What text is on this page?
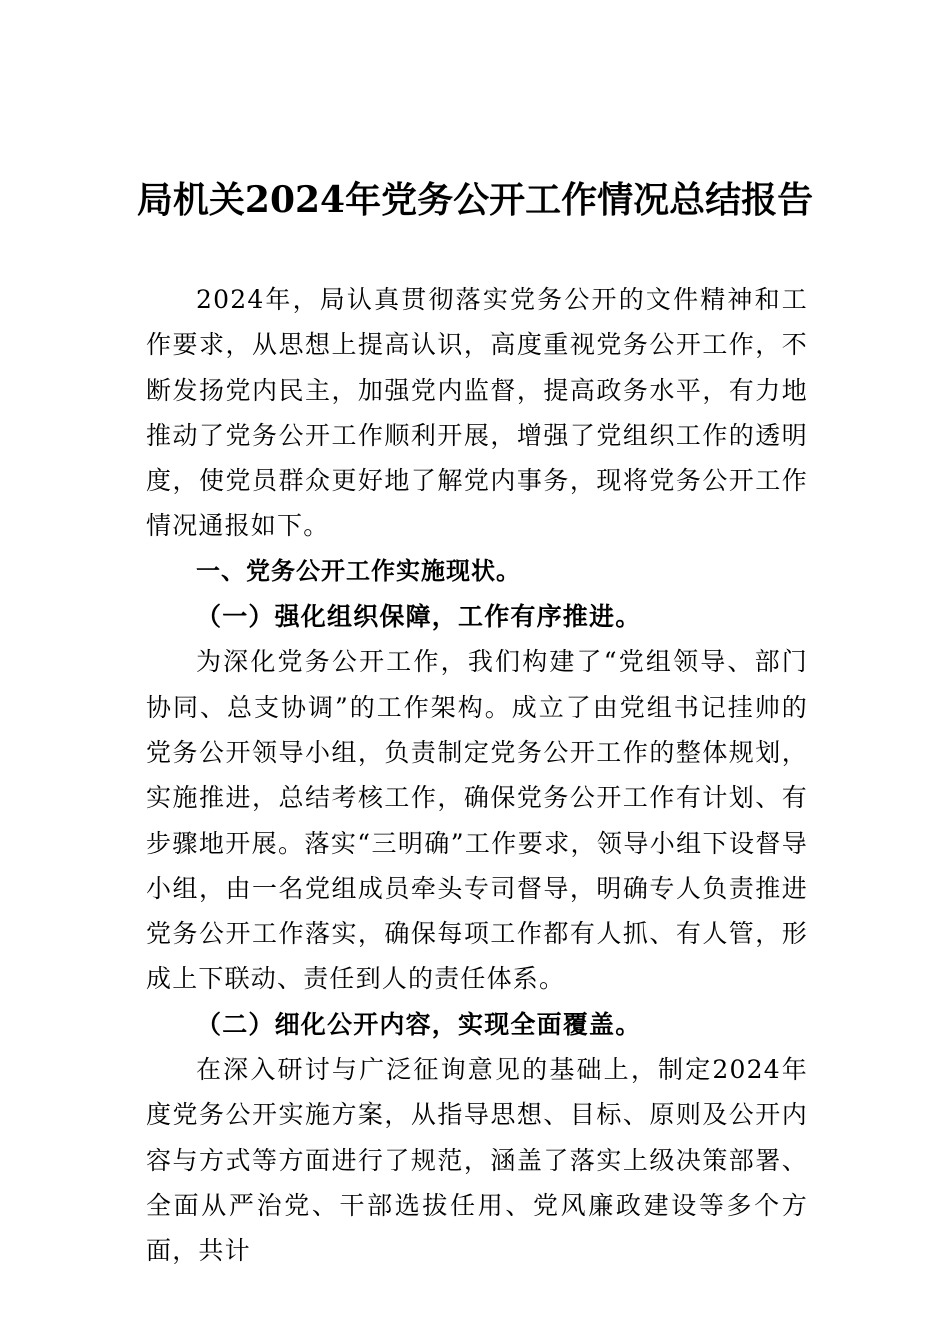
局机关2024年党务公开工作情况总结报告

2024年，局认真贯彻落实党务公开的文件精神和工作要求，从思想上提高认识，高度重视党务公开工作，不断发扬党内民主，加强党内监督，提高政务水平，有力地推动了党务公开工作顺利开展，增强了党组织工作的透明度，使党员群众更好地了解党内事务，现将党务公开工作情况通报如下。

一、党务公开工作实施现状。

（一）强化组织保障，工作有序推进。

为深化党务公开工作，我们构建了“党组领导、部门协同、总支协调”的工作架构。成立了由党组书记挂帅的党务公开领导小组，负责制定党务公开工作的整体规划，实施推进，总结考核工作，确保党务公开工作有计划、有步骤地开展。落实“三明确”工作要求，领导小组下设督导小组，由一名党组成员牵头专司督导，明确专人负责推进党务公开工作落实，确保每项工作都有人抓、有人管，形成上下联动、责任到人的责任体系。

（二）细化公开内容，实现全面覆盖。

在深入研讨与广泛征询意见的基础上，制定2024年度党务公开实施方案，从指导思想、目标、原则及公开内容与方式等方面进行了规范，涵盖了落实上级决策部署、全面从严治党、干部选拔任用、党风廉政建设等多个方面，共计
